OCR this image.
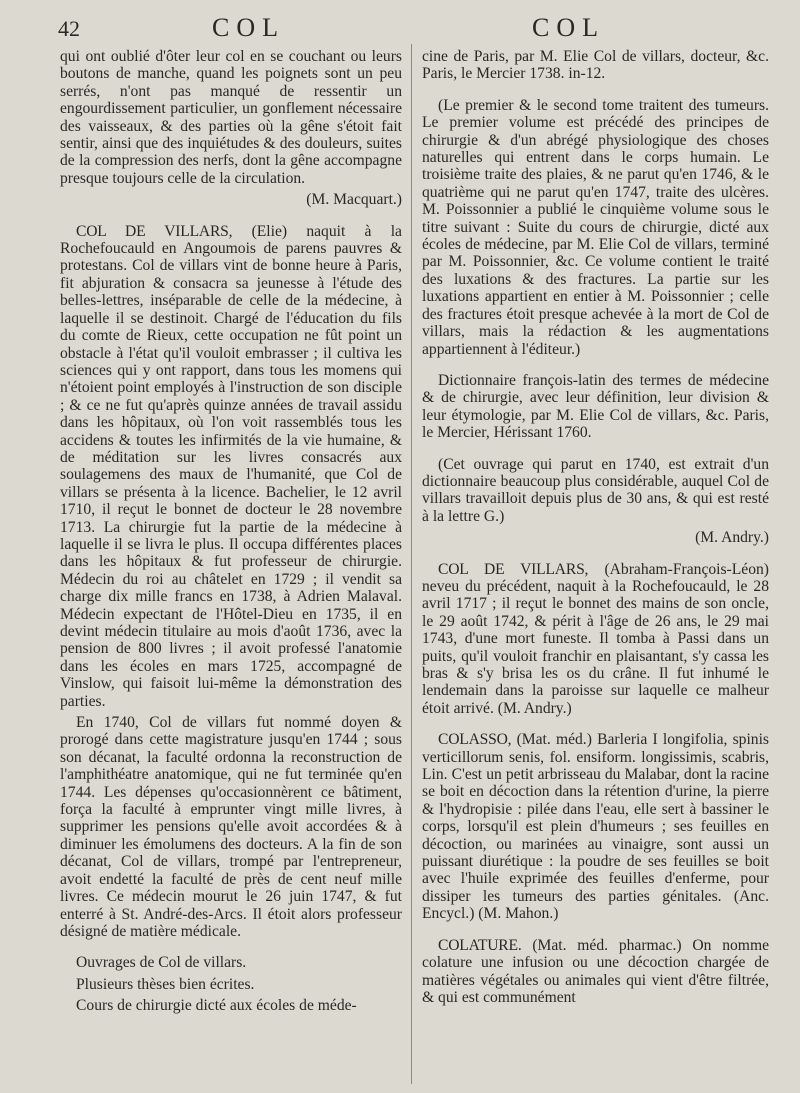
42	COL	COL

qui ont oublié d'ôter leur col en se couchant ou leurs boutons de manche, quand les poignets sont un peu serrés, n'ont pas manqué de ressentir un engourdissement particulier, un gonflement nécessaire des vaisseaux, & des parties où la gêne s'étoit fait sentir, ainsi que des inquiétudes & des douleurs, suites de la compression des nerfs, dont la gêne accompagne presque toujours celle de la circulation.

(M. Macquart.)

COL DE VILLARS, (Elie) naquit à la Rochefoucauld en Angoumois de parens pauvres & protestans. Col de villars vint de bonne heure à Paris, fit abjuration & consacra sa jeunesse à l'étude des belles-lettres, inséparable de celle de la médecine, à laquelle il se destinoit. Chargé de l'éducation du fils du comte de Rieux, cette occupation ne fût point un obstacle à l'état qu'il vouloit embrasser ; il cultiva les sciences qui y ont rapport, dans tous les momens qui n'étoient point employés à l'instruction de son disciple ; & ce ne fut qu'après quinze années de travail assidu dans les hôpitaux, où l'on voit rassemblés tous les accidens & toutes les infirmités de la vie humaine, & de méditation sur les livres consacrés aux soulagemens des maux de l'humanité, que Col de villars se présenta à la licence. Bachelier, le 12 avril 1710, il reçut le bonnet de docteur le 28 novembre 1713. La chirurgie fut la partie de la médecine à laquelle il se livra le plus. Il occupa différentes places dans les hôpitaux & fut professeur de chirurgie. Médecin du roi au châtelet en 1729 ; il vendit sa charge dix mille francs en 1738, à Adrien Malaval. Médecin expectant de l'Hôtel-Dieu en 1735, il en devint médecin titulaire au mois d'août 1736, avec la pension de 800 livres ; il avoit professé l'anatomie dans les écoles en mars 1725, accompagné de Vinslow, qui faisoit lui-même la démonstration des parties.

En 1740, Col de villars fut nommé doyen & prorogé dans cette magistrature jusqu'en 1744 ; sous son décanat, la faculté ordonna la reconstruction de l'amphithéatre anatomique, qui ne fut terminée qu'en 1744. Les dépenses qu'occasionnèrent ce bâtiment, força la faculté à emprunter vingt mille livres, à supprimer les pensions qu'elle avoit accordées & à diminuer les émolumens des docteurs. A la fin de son décanat, Col de villars, trompé par l'entrepreneur, avoit endetté la faculté de près de cent neuf mille livres. Ce médecin mourut le 26 juin 1747, & fut enterré à St. André-des-Arcs. Il étoit alors professeur désigné de matière médicale.

Ouvrages de Col de villars.

Plusieurs thèses bien écrites.

Cours de chirurgie dicté aux écoles de méde-

cine de Paris, par M. Elie Col de villars, docteur, &c. Paris, le Mercier 1738. in-12.

(Le premier & le second tome traitent des tumeurs. Le premier volume est précédé des principes de chirurgie & d'un abrégé physiologique des choses naturelles qui entrent dans le corps humain. Le troisième traite des plaies, & ne parut qu'en 1746, & le quatrième qui ne parut qu'en 1747, traite des ulcères. M. Poissonnier a publié le cinquième volume sous le titre suivant : Suite du cours de chirurgie, dicté aux écoles de médecine, par M. Elie Col de villars, terminé par M. Poissonnier, &c. Ce volume contient le traité des luxations & des fractures. La partie sur les luxations appartient en entier à M. Poissonnier ; celle des fractures étoit presque achevée à la mort de Col de villars, mais la rédaction & les augmentations appartiennent à l'éditeur.)

Dictionnaire françois-latin des termes de médecine & de chirurgie, avec leur définition, leur division & leur étymologie, par M. Elie Col de villars, &c. Paris, le Mercier, Hérissant 1760.

(Cet ouvrage qui parut en 1740, est extrait d'un dictionnaire beaucoup plus considérable, auquel Col de villars travailloit depuis plus de 30 ans, & qui est resté à la lettre G.)

(M. Andry.)

COL DE VILLARS, (Abraham-François-Léon) neveu du précédent, naquit à la Rochefoucauld, le 28 avril 1717 ; il reçut le bonnet des mains de son oncle, le 29 août 1742, & périt à l'âge de 26 ans, le 29 mai 1743, d'une mort funeste. Il tomba à Passi dans un puits, qu'il vouloit franchir en plaisantant, s'y cassa les bras & s'y brisa les os du crâne. Il fut inhumé le lendemain dans la paroisse sur laquelle ce malheur étoit arrivé. (M. Andry.)

COLASSO, (Mat. méd.) Barleria I longifolia, spinis verticillorum senis, fol. ensiform. longissimis, scabris, Lin. C'est un petit arbrisseau du Malabar, dont la racine se boit en décoction dans la rétention d'urine, la pierre & l'hydropisie : pilée dans l'eau, elle sert à bassiner le corps, lorsqu'il est plein d'humeurs ; ses feuilles en décoction, ou marinées au vinaigre, sont aussi un puissant diurétique : la poudre de ses feuilles se boit avec l'huile exprimée des feuilles d'enferme, pour dissiper les tumeurs des parties génitales. (Anc. Encycl.) (M. Mahon.)

COLATURE. (Mat. méd. pharmac.) On nomme colature une infusion ou une décoction chargée de matières végétales ou animales qui vient d'être filtrée, & qui est communément
